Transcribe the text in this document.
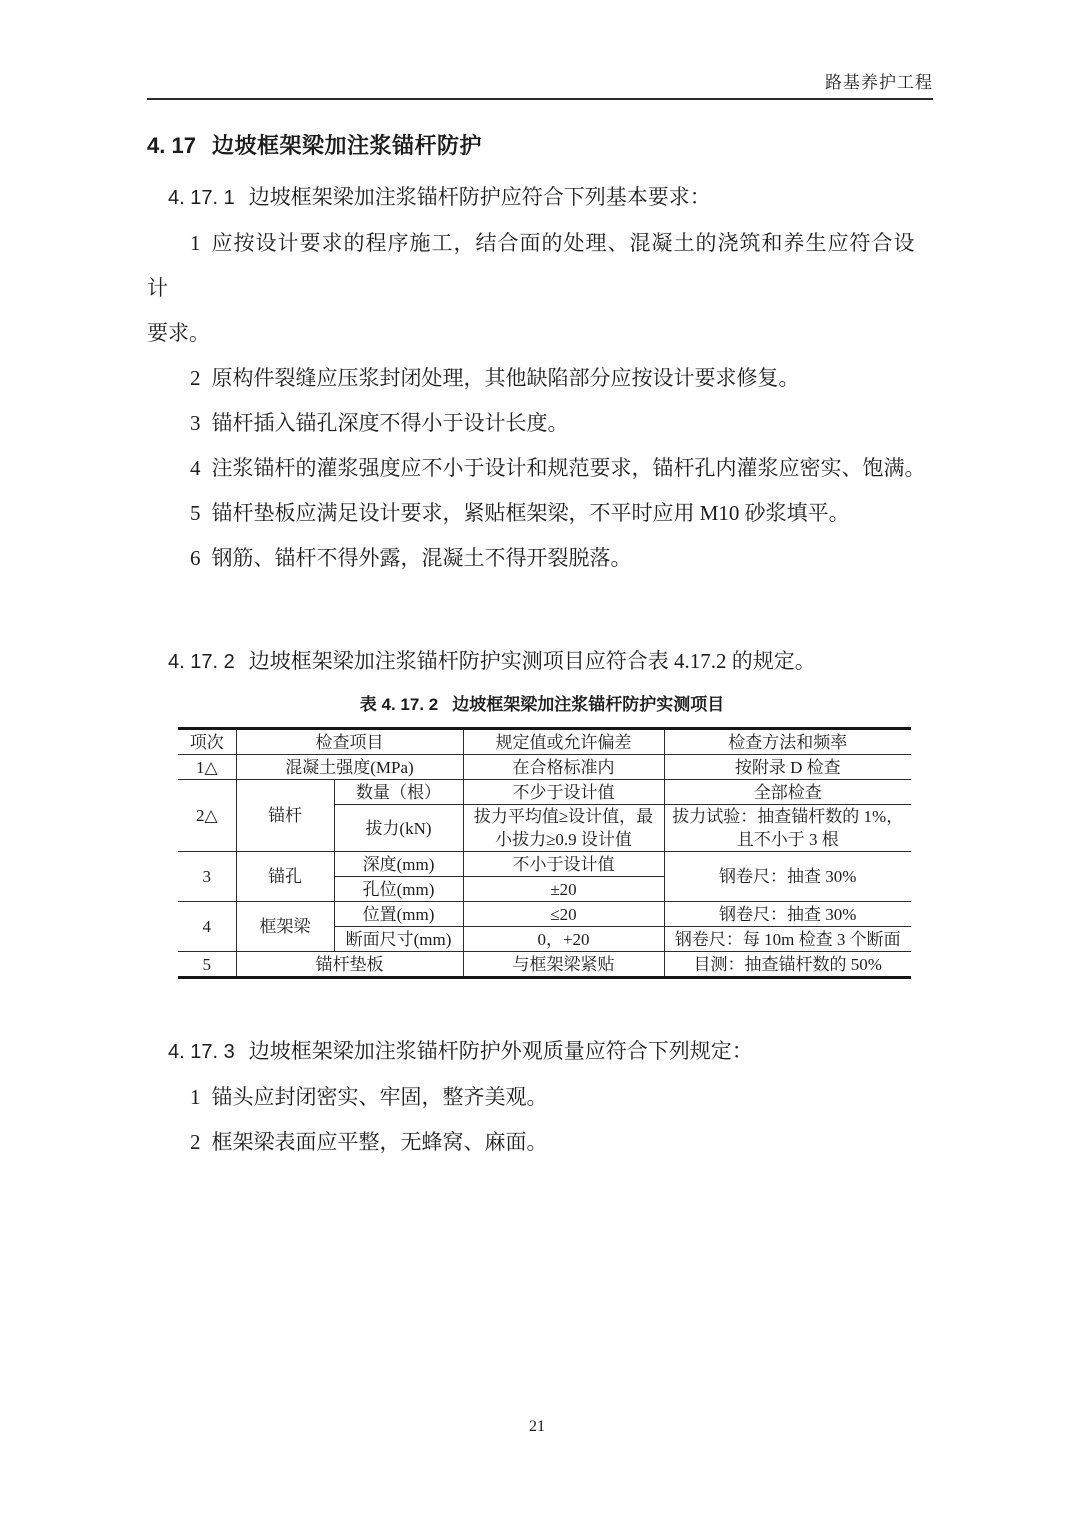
路基养护工程
4. 17 边坡框架梁加注浆锚杆防护

4. 17. 1 边坡框架梁加注浆锚杆防护应符合下列基本要求：

1 应按设计要求的程序施工，结合面的处理、混凝土的浇筑和养生应符合设计
要求。

2 原构件裂缝应压浆封闭处理，其他缺陷部分应按设计要求修复。

3 锚杆插入锚孔深度不得小于设计长度。

4 注浆锚杆的灌浆强度应不小于设计和规范要求，锚杆孔内灌浆应密实、饱满。

5 锚杆垫板应满足设计要求，紧贴框架梁，不平时应用 M10 砂浆填平。

6 钢筋、锚杆不得外露，混凝土不得开裂脱落。

4. 17. 2 边坡框架梁加注浆锚杆防护实测项目应符合表 4.17.2 的规定。

表 4. 17. 2 边坡框架梁加注浆锚杆防护实测项目

项次	检查项目		规定值或允许偏差	检查方法和频率
1△	混凝土强度(MPa)		在合格标准内	按附录 D 检查
2△	锚杆	数量（根）	不少于设计值	全部检查
		拔力(kN)	拔力平均值≥设计值，最小拔力≥0.9 设计值	拔力试验：抽查锚杆数的 1%，且不小于 3 根
3	锚孔	深度(mm)	不小于设计值	钢卷尺：抽查 30%
		孔位(mm)	±20	
4	框架梁	位置(mm)	≤20	钢卷尺：抽查 30%
		断面尺寸(mm)	0，+20	钢卷尺：每 10m 检查 3 个断面
5	锚杆垫板		与框架梁紧贴	目测：抽查锚杆数的 50%

4. 17. 3 边坡框架梁加注浆锚杆防护外观质量应符合下列规定：

1 锚头应封闭密实、牢固，整齐美观。

2 框架梁表面应平整，无蜂窝、麻面。

21
